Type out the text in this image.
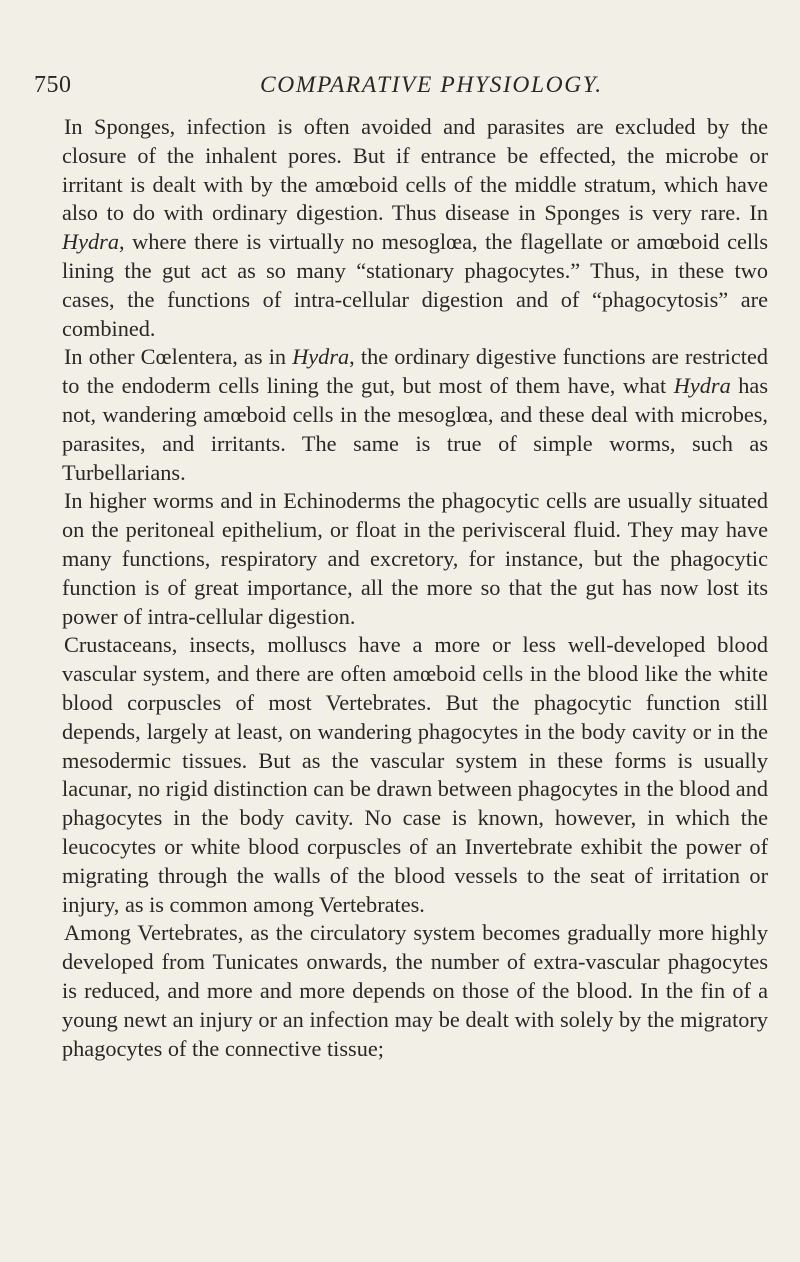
750	COMPARATIVE PHYSIOLOGY.

In Sponges, infection is often avoided and parasites are excluded by the closure of the inhalent pores. But if entrance be effected, the microbe or irritant is dealt with by the amœboid cells of the middle stratum, which have also to do with ordinary digestion. Thus disease in Sponges is very rare. In Hydra, where there is virtually no mesoglœa, the flagellate or amœboid cells lining the gut act as so many “stationary phagocytes.” Thus, in these two cases, the functions of intra-cellular digestion and of “phagocytosis” are combined.

In other Cœlentera, as in Hydra, the ordinary digestive functions are restricted to the endoderm cells lining the gut, but most of them have, what Hydra has not, wandering amœboid cells in the mesoglœa, and these deal with microbes, parasites, and irritants. The same is true of simple worms, such as Turbellarians.

In higher worms and in Echinoderms the phagocytic cells are usually situated on the peritoneal epithelium, or float in the perivisceral fluid. They may have many functions, respiratory and excretory, for instance, but the phagocytic function is of great importance, all the more so that the gut has now lost its power of intra-cellular digestion.

Crustaceans, insects, molluscs have a more or less well-developed blood vascular system, and there are often amœboid cells in the blood like the white blood corpuscles of most Vertebrates. But the phagocytic function still depends, largely at least, on wandering phagocytes in the body cavity or in the mesodermic tissues. But as the vascular system in these forms is usually lacunar, no rigid distinction can be drawn between phagocytes in the blood and phagocytes in the body cavity. No case is known, however, in which the leucocytes or white blood corpuscles of an Invertebrate exhibit the power of migrating through the walls of the blood vessels to the seat of irritation or injury, as is common among Vertebrates.

Among Vertebrates, as the circulatory system becomes gradually more highly developed from Tunicates onwards, the number of extra-vascular phagocytes is reduced, and more and more depends on those of the blood. In the fin of a young newt an injury or an infection may be dealt with solely by the migratory phagocytes of the connective tissue;
